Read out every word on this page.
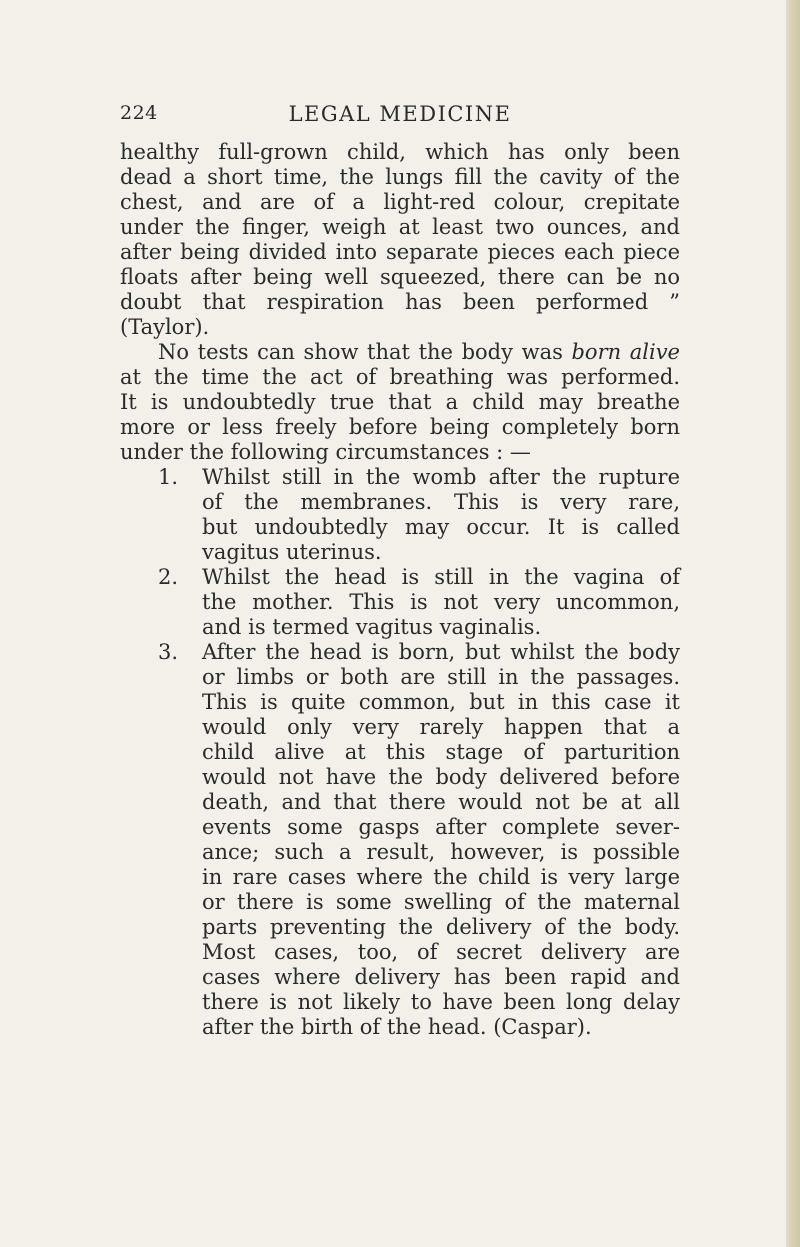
224	LEGAL MEDICINE
healthy full-grown child, which has only been
dead a short time, the lungs fill the cavity of the
chest, and are of a light-red colour, crepitate
under the finger, weigh at least two ounces, and
after being divided into separate pieces each piece
floats after being well squeezed, there can be no
doubt that respiration has been performed ”
(Taylor).
No tests can show that the body was born alive
at the time the act of breathing was performed.
It is undoubtedly true that a child may breathe
more or less freely before being completely born
under the following circumstances : —
1.	Whilst still in the womb after the rupture
of the membranes. This is very rare,
but undoubtedly may occur. It is called
vagitus uterinus.
2.	Whilst the head is still in the vagina of
the mother. This is not very uncommon,
and is termed vagitus vaginalis.
3.	After the head is born, but whilst the body
or limbs or both are still in the passages.
This is quite common, but in this case it
would only very rarely happen that a
child alive at this stage of parturition
would not have the body delivered before
death, and that there would not be at all
events some gasps after complete sever-
ance; such a result, however, is possible
in rare cases where the child is very large
or there is some swelling of the maternal
parts preventing the delivery of the body.
Most cases, too, of secret delivery are
cases where delivery has been rapid and
there is not likely to have been long delay
after the birth of the head. (Caspar).
